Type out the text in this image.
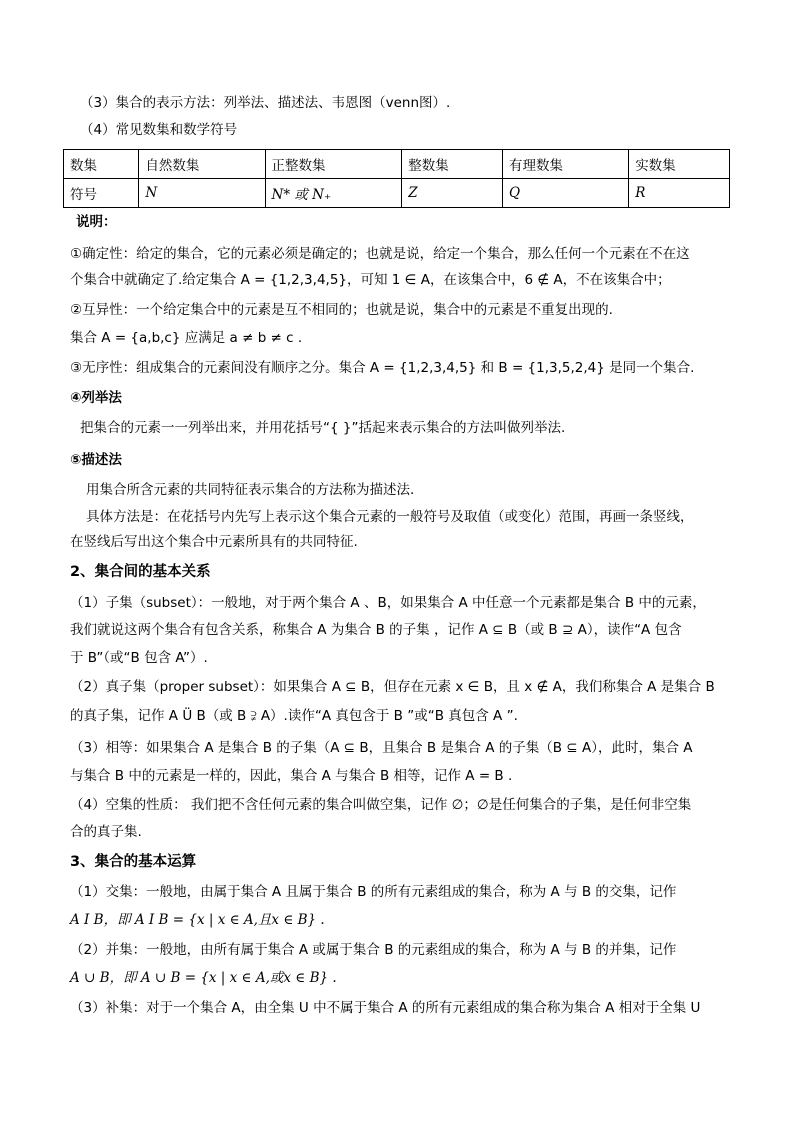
（3）集合的表示方法：列举法、描述法、韦恩图（venn图）.
（4）常见数集和数学符号
数集	自然数集	正整数集	整数集	有理数集	实数集
符号	N	N* 或 N₊	Z	Q	R
说明：
①确定性：给定的集合，它的元素必须是确定的；也就是说，给定一个集合，那么任何一个元素在不在这
个集合中就确定了.给定集合 A = {1,2,3,4,5}，可知 1 ∈ A，在该集合中，6 ∉ A，不在该集合中；
②互异性：一个给定集合中的元素是互不相同的；也就是说，集合中的元素是不重复出现的.
集合 A = {a,b,c} 应满足 a ≠ b ≠ c .
③无序性：组成集合的元素间没有顺序之分。集合 A = {1,2,3,4,5} 和 B = {1,3,5,2,4} 是同一个集合.
④列举法
把集合的元素一一列举出来，并用花括号“{ }”括起来表示集合的方法叫做列举法.
⑤描述法
用集合所含元素的共同特征表示集合的方法称为描述法.
具体方法是：在花括号内先写上表示这个集合元素的一般符号及取值（或变化）范围，再画一条竖线，
在竖线后写出这个集合中元素所具有的共同特征.
2、集合间的基本关系
（1）子集（subset）：一般地，对于两个集合 A 、B，如果集合 A 中任意一个元素都是集合 B 中的元素，
我们就说这两个集合有包含关系，称集合 A 为集合 B 的子集 ，记作 A ⊆ B（或 B ⊇ A），读作“A 包含
于 B”（或“B 包含 A”）.
（2）真子集（proper subset）：如果集合 A ⊆ B，但存在元素 x ∈ B，且 x ∉ A，我们称集合 A 是集合 B
的真子集，记作 A Ü B（或 B ⫌ A）.读作“A 真包含于 B ”或“B 真包含 A ”.
（3）相等：如果集合 A 是集合 B 的子集（A ⊆ B，且集合 B 是集合 A 的子集（B ⊆ A），此时，集合 A
与集合 B 中的元素是一样的，因此，集合 A 与集合 B 相等，记作 A = B .
（4）空集的性质： 我们把不含任何元素的集合叫做空集，记作 ∅；∅是任何集合的子集，是任何非空集
合的真子集.
3、集合的基本运算
（1）交集：一般地，由属于集合 A 且属于集合 B 的所有元素组成的集合，称为 A 与 B 的交集，记作
A I B，即 A I B = {x | x ∈ A,且x ∈ B} .
（2）并集：一般地，由所有属于集合 A 或属于集合 B 的元素组成的集合，称为 A 与 B 的并集，记作
A ∪ B，即 A ∪ B = {x | x ∈ A,或x ∈ B} .
（3）补集：对于一个集合 A，由全集 U 中不属于集合 A 的所有元素组成的集合称为集合 A 相对于全集 U
